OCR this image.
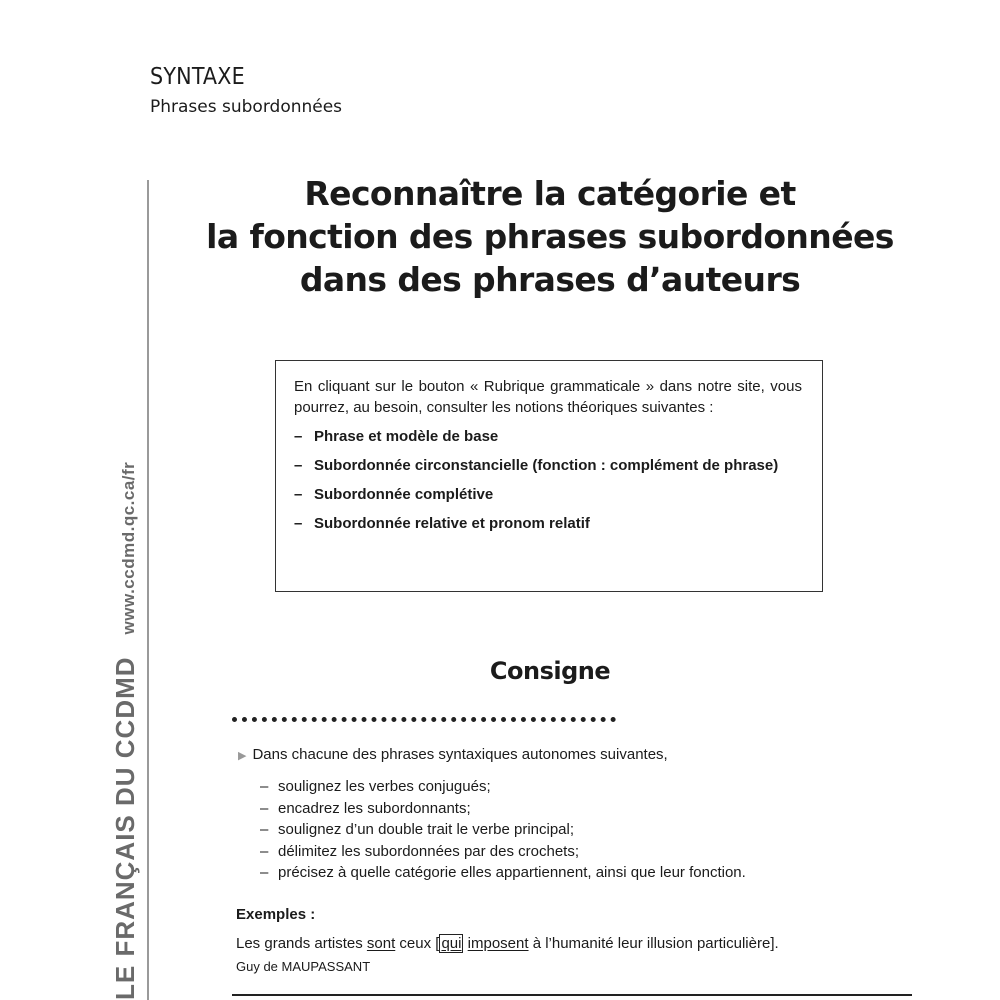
SYNTAXE
Phrases subordonnées
LE FRANÇAIS DU CCDMDwww.ccdmd.qc.ca/fr
Reconnaître la catégorie et
la fonction des phrases subordonnées
dans des phrases d’auteurs
En cliquant sur le bouton « Rubrique grammaticale » dans notre site, vous pourrez, au besoin, consulter les notions théoriques suivantes :
– Phrase et modèle de base
– Subordonnée circonstancielle (fonction : complément de phrase)
– Subordonnée complétive
– Subordonnée relative et pronom relatif
Consigne
▶ Dans chacune des phrases syntaxiques autonomes suivantes,
– soulignez les verbes conjugués;
– encadrez les subordonnants;
– soulignez d’un double trait le verbe principal;
– délimitez les subordonnées par des crochets;
– précisez à quelle catégorie elles appartiennent, ainsi que leur fonction.
Exemples :
Les grands artistes sont ceux [ qui imposent à l’humanité leur illusion particulière].
Guy de MAUPASSANT
